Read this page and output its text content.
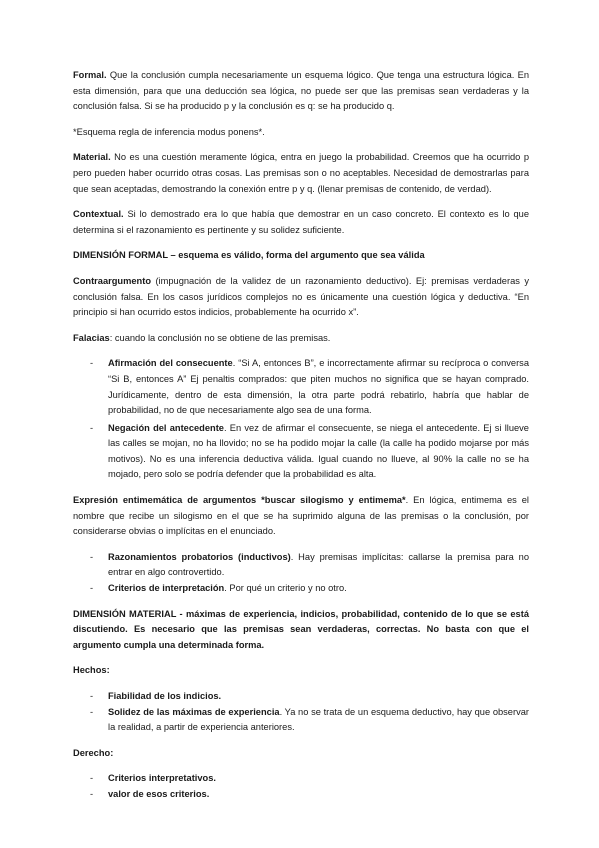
Formal. Que la conclusión cumpla necesariamente un esquema lógico. Que tenga una estructura lógica. En esta dimensión, para que una deducción sea lógica, no puede ser que las premisas sean verdaderas y la conclusión falsa. Si se ha producido p y la conclusión es q: se ha producido q.

*Esquema regla de inferencia modus ponens*.

Material. No es una cuestión meramente lógica, entra en juego la probabilidad. Creemos que ha ocurrido p pero pueden haber ocurrido otras cosas. Las premisas son o no aceptables. Necesidad de demostrarlas para que sean aceptadas, demostrando la conexión entre p y q. (llenar premisas de contenido, de verdad).

Contextual. Si lo demostrado era lo que había que demostrar en un caso concreto. El contexto es lo que determina si el razonamiento es pertinente y su solidez suficiente.

DIMENSIÓN FORMAL – esquema es válido, forma del argumento que sea válida

Contraargumento (impugnación de la validez de un razonamiento deductivo). Ej: premisas verdaderas y conclusión falsa. En los casos jurídicos complejos no es únicamente una cuestión lógica y deductiva. “En principio si han ocurrido estos indicios, probablemente ha ocurrido x”.

Falacias: cuando la conclusión no se obtiene de las premisas.

- Afirmación del consecuente. “Si A, entonces B”, e incorrectamente afirmar su recíproca o conversa “Si B, entonces A” Ej penaltis comprados: que piten muchos no significa que se hayan comprado. Jurídicamente, dentro de esta dimensión, la otra parte podrá rebatirlo, habría que hablar de probabilidad, no de que necesariamente algo sea de una forma.
- Negación del antecedente. En vez de afirmar el consecuente, se niega el antecedente. Ej si llueve las calles se mojan, no ha llovido; no se ha podido mojar la calle (la calle ha podido mojarse por más motivos). No es una inferencia deductiva válida. Igual cuando no llueve, al 90% la calle no se ha mojado, pero solo se podría defender que la probabilidad es alta.

Expresión entimemática de argumentos *buscar silogismo y entimema*. En lógica, entimema es el nombre que recibe un silogismo en el que se ha suprimido alguna de las premisas o la conclusión, por considerarse obvias o implícitas en el enunciado.

- Razonamientos probatorios (inductivos). Hay premisas implícitas: callarse la premisa para no entrar en algo controvertido.
- Criterios de interpretación. Por qué un criterio y no otro.

DIMENSIÓN MATERIAL - máximas de experiencia, indicios, probabilidad, contenido de lo que se está discutiendo. Es necesario que las premisas sean verdaderas, correctas. No basta con que el argumento cumpla una determinada forma.

Hechos:

- Fiabilidad de los indicios.
- Solidez de las máximas de experiencia. Ya no se trata de un esquema deductivo, hay que observar la realidad, a partir de experiencia anteriores.

Derecho:

- Criterios interpretativos.
- valor de esos criterios.
